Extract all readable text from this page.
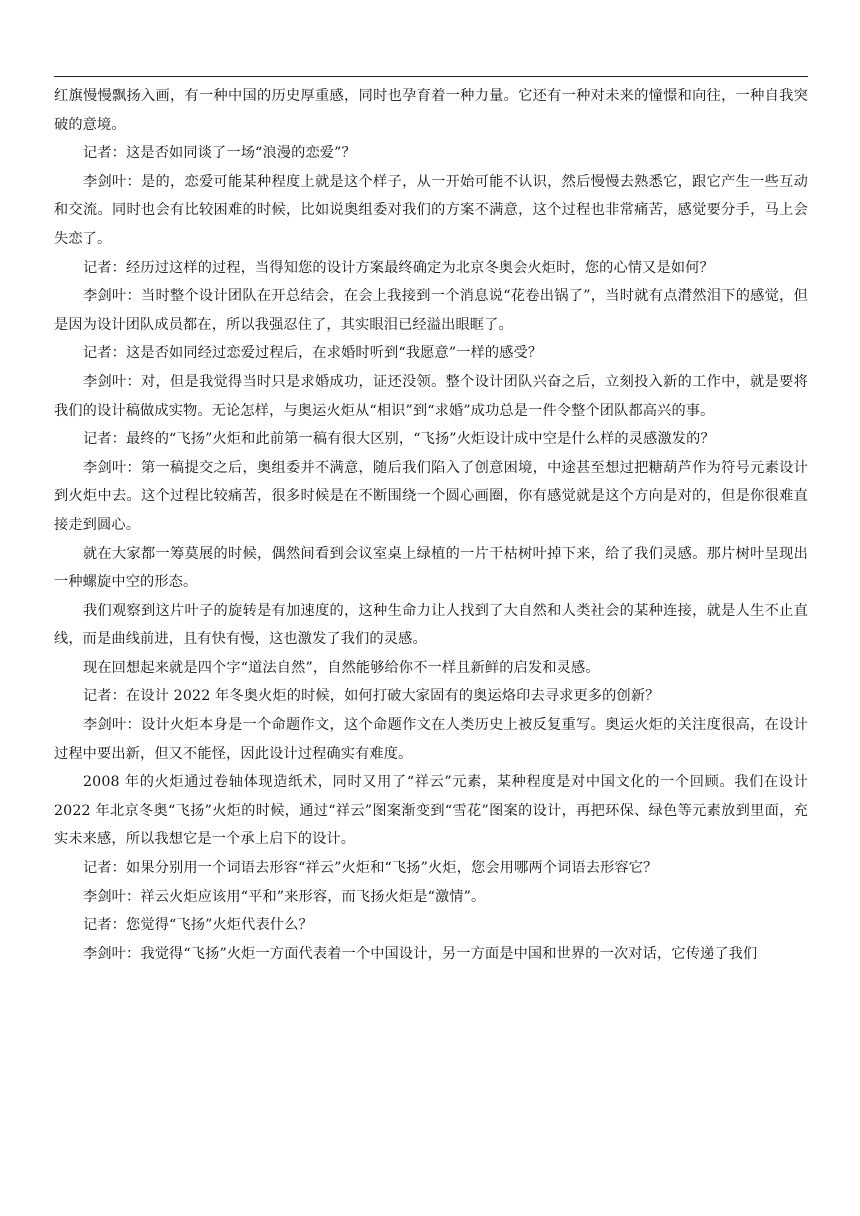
红旗慢慢飘扬入画，有一种中国的历史厚重感，同时也孕育着一种力量。它还有一种对未来的憧憬和向往，一种自我突破的意境。

记者：这是否如同谈了一场“浪漫的恋爱”？

李剑叶：是的，恋爱可能某种程度上就是这个样子，从一开始可能不认识，然后慢慢去熟悉它，跟它产生一些互动和交流。同时也会有比较困难的时候，比如说奥组委对我们的方案不满意，这个过程也非常痛苦，感觉要分手，马上会失恋了。

记者：经历过这样的过程，当得知您的设计方案最终确定为北京冬奥会火炬时，您的心情又是如何？

李剑叶：当时整个设计团队在开总结会，在会上我接到一个消息说“花卷出锅了”，当时就有点潸然泪下的感觉，但是因为设计团队成员都在，所以我强忍住了，其实眼泪已经溢出眼眶了。

记者：这是否如同经过恋爱过程后，在求婚时听到“我愿意”一样的感受？

李剑叶：对，但是我觉得当时只是求婚成功，证还没领。整个设计团队兴奋之后，立刻投入新的工作中，就是要将我们的设计稿做成实物。无论怎样，与奥运火炬从“相识”到“求婚”成功总是一件令整个团队都高兴的事。

记者：最终的“飞扬”火炬和此前第一稿有很大区别，“飞扬”火炬设计成中空是什么样的灵感激发的？

李剑叶：第一稿提交之后，奥组委并不满意，随后我们陷入了创意困境，中途甚至想过把糖葫芦作为符号元素设计到火炬中去。这个过程比较痛苦，很多时候是在不断围绕一个圆心画圈，你有感觉就是这个方向是对的，但是你很难直接走到圆心。

就在大家都一筹莫展的时候，偶然间看到会议室桌上绿植的一片干枯树叶掉下来，给了我们灵感。那片树叶呈现出一种螺旋中空的形态。

我们观察到这片叶子的旋转是有加速度的，这种生命力让人找到了大自然和人类社会的某种连接，就是人生不止直线，而是曲线前进，且有快有慢，这也激发了我们的灵感。

现在回想起来就是四个字“道法自然”，自然能够给你不一样且新鲜的启发和灵感。

记者：在设计 2022 年冬奥火炬的时候，如何打破大家固有的奥运烙印去寻求更多的创新？

李剑叶：设计火炬本身是一个命题作文，这个命题作文在人类历史上被反复重写。奥运火炬的关注度很高，在设计过程中要出新，但又不能怪，因此设计过程确实有难度。

2008 年的火炬通过卷轴体现造纸术，同时又用了“祥云”元素，某种程度是对中国文化的一个回顾。我们在设计 2022 年北京冬奥“飞扬”火炬的时候，通过“祥云”图案渐变到“雪花”图案的设计，再把环保、绿色等元素放到里面，充实未来感，所以我想它是一个承上启下的设计。

记者：如果分别用一个词语去形容“祥云”火炬和“飞扬”火炬，您会用哪两个词语去形容它？

李剑叶：祥云火炬应该用“平和”来形容，而飞扬火炬是“激情”。

记者：您觉得“飞扬”火炬代表什么？

李剑叶：我觉得“飞扬”火炬一方面代表着一个中国设计，另一方面是中国和世界的一次对话，它传递了我们
